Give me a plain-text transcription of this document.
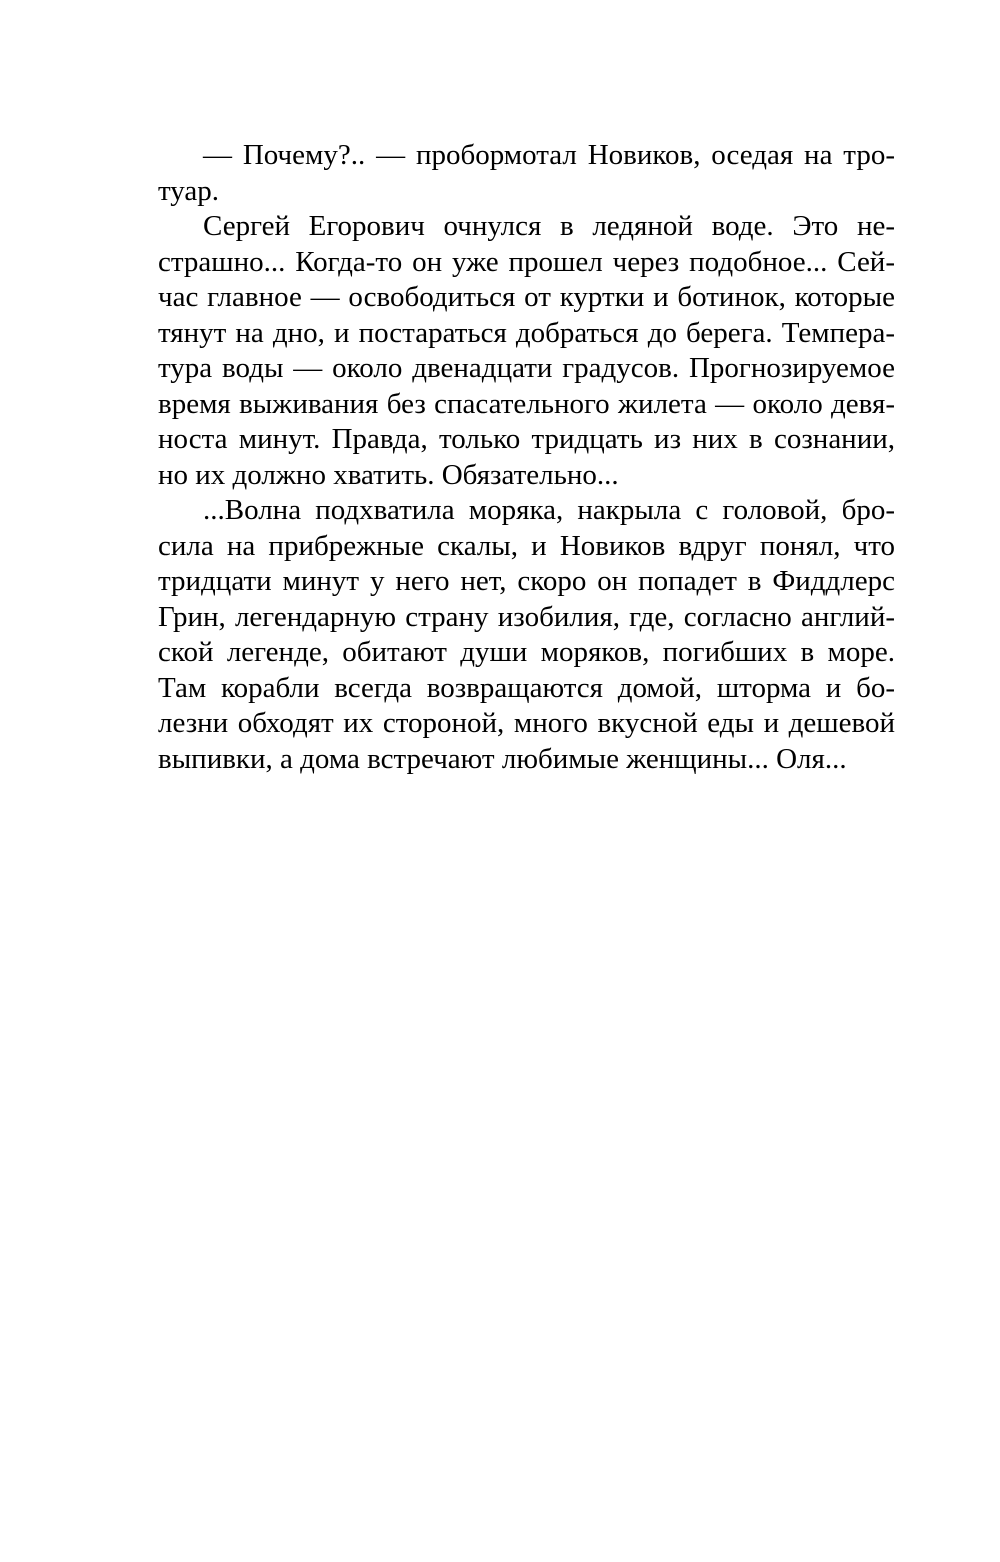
— Почему?.. — пробормотал Новиков, оседая на тро-
туар.
Сергей Егорович очнулся в ледяной воде. Это не-
страшно... Когда-то он уже прошел через подобное... Сей-
час главное — освободиться от куртки и ботинок, которые
тянут на дно, и постараться добраться до берега. Темпера-
тура воды — около двенадцати градусов. Прогнозируемое
время выживания без спасательного жилета — около девя-
носта минут. Правда, только тридцать из них в сознании,
но их должно хватить. Обязательно...
...Волна подхватила моряка, накрыла с головой, бро-
сила на прибрежные скалы, и Новиков вдруг понял, что
тридцати минут у него нет, скоро он попадет в Фиддлерс
Грин, легендарную страну изобилия, где, согласно англий-
ской легенде, обитают души моряков, погибших в море.
Там корабли всегда возвращаются домой, шторма и бо-
лезни обходят их стороной, много вкусной еды и дешевой
выпивки, а дома встречают любимые женщины... Оля...
